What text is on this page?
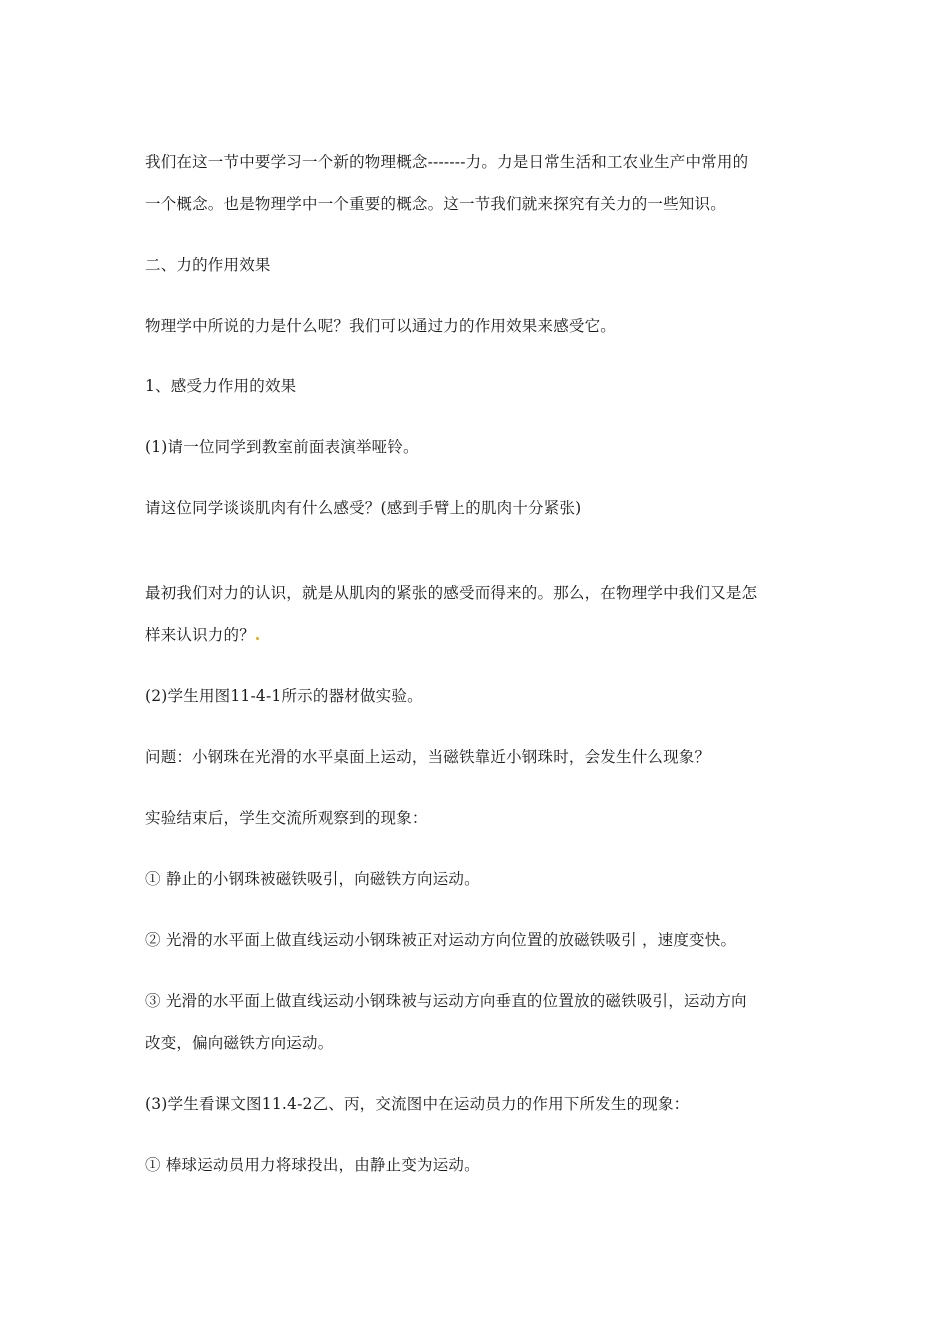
我们在这一节中要学习一个新的物理概念-------力。力是日常生活和工农业生产中常用的
一个概念。也是物理学中一个重要的概念。这一节我们就来探究有关力的一些知识。
二、力的作用效果
物理学中所说的力是什么呢？我们可以通过力的作用效果来感受它。
1、感受力作用的效果
(1)请一位同学到教室前面表演举哑铃。
请这位同学谈谈肌肉有什么感受？(感到手臂上的肌肉十分紧张)
最初我们对力的认识，就是从肌肉的紧张的感受而得来的。那么，在物理学中我们又是怎
样来认识力的？
(2)学生用图11-4-1所示的器材做实验。
问题：小钢珠在光滑的水平桌面上运动，当磁铁靠近小钢珠时，会发生什么现象？
实验结束后，学生交流所观察到的现象：
① 静止的小钢珠被磁铁吸引，向磁铁方向运动。
② 光滑的水平面上做直线运动小钢珠被正对运动方向位置的放磁铁吸引 ，速度变快。
③ 光滑的水平面上做直线运动小钢珠被与运动方向垂直的位置放的磁铁吸引，运动方向
改变，偏向磁铁方向运动。
(3)学生看课文图11.4-2乙、丙，交流图中在运动员力的作用下所发生的现象：
① 棒球运动员用力将球投出，由静止变为运动。
